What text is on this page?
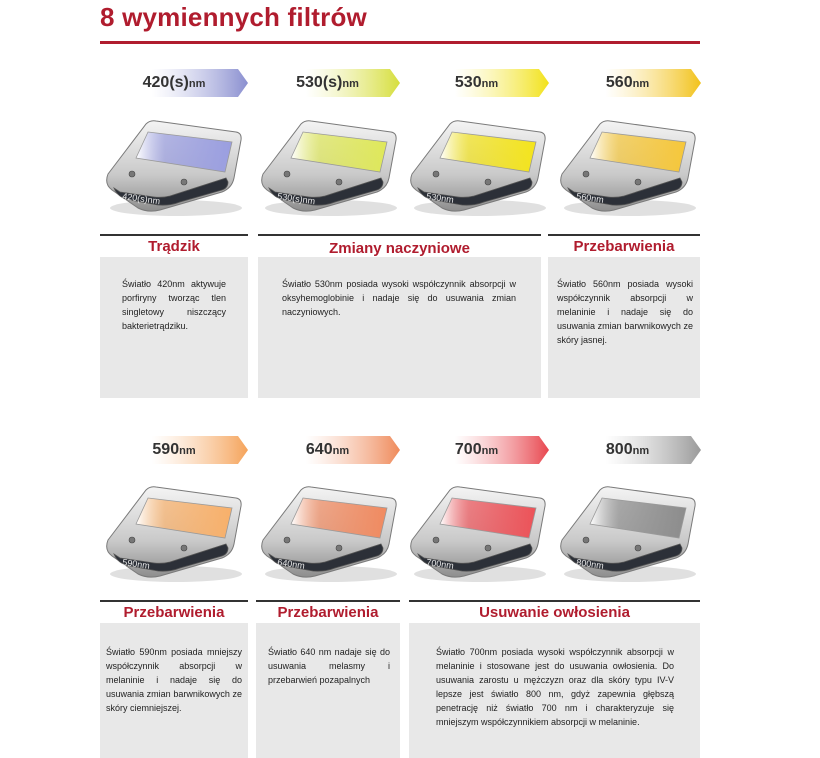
8 wymiennych filtrów
420(s)nm	530(s)nm	530nm	560nm
420(s)nm	530(s)nm	530nm	560nm
Trądzik

Światło 420nm aktywuje porfiryny tworząc tlen singletowy niszczący bakterietrądziku.

Zmiany naczyniowe

Światło 530nm posiada wysoki współczynnik absorpcji w oksyhemoglobinie i nadaje się do usuwania zmian naczyniowych.

Przebarwienia

Światło 560nm posiada wysoki współczynnik absorpcji w melaninie i nadaje się do usuwania zmian barwnikowych ze skóry jasnej.

590nm	640nm	700nm	800nm
590nm	640nm	700nm	800nm
Przebarwienia

Światło 590nm posiada mniejszy współczynnik absorpcji w melaninie i nadaje się do usuwania zmian barwnikowych ze skóry ciemniejszej.

Przebarwienia

Światło 640 nm nadaje się do usuwania melasmy i przebarwień pozapalnych

Usuwanie owłosienia

Światło 700nm posiada wysoki współczynnik absorpcji w melaninie i stosowane jest do usuwania owłosienia. Do usuwania zarostu u mężczyzn oraz dla skóry typu IV-V lepsze jest światło 800 nm, gdyż zapewnia głębszą penetrację niż światło 700 nm i charakteryzuje się mniejszym współczynnikiem absorpcji w melaninie.
